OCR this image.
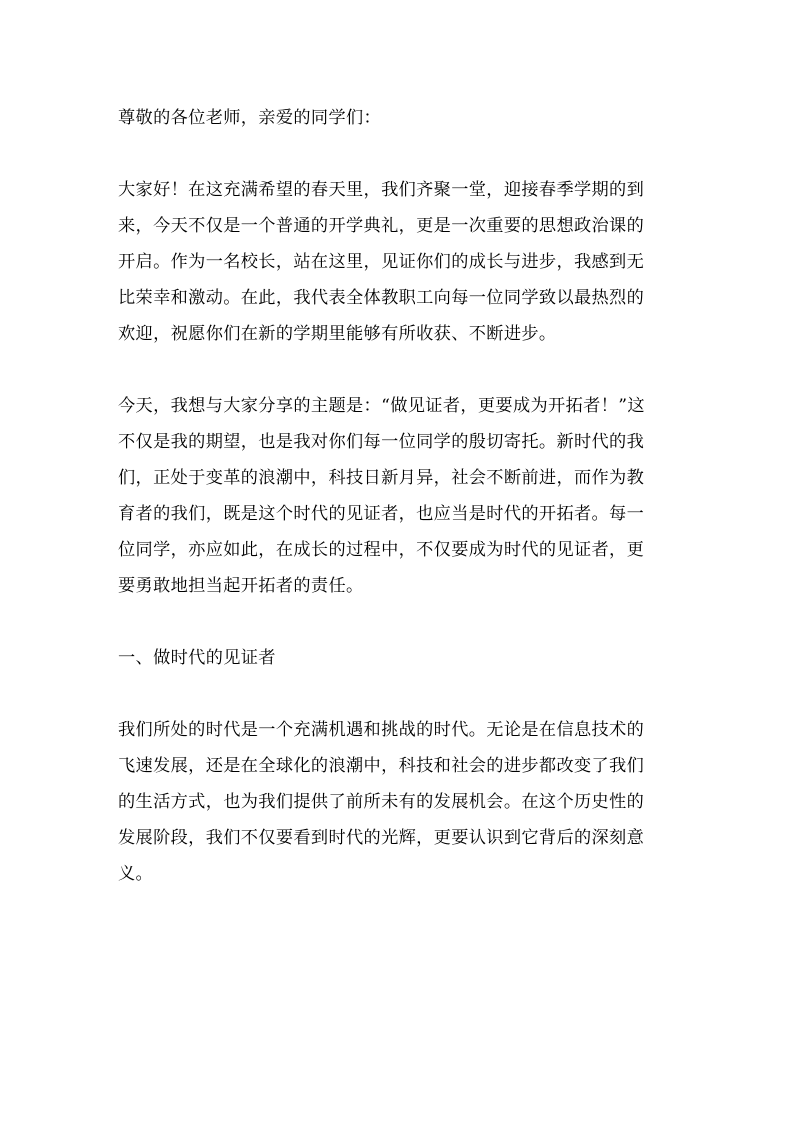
尊敬的各位老师，亲爱的同学们：
大家好！在这充满希望的春天里，我们齐聚一堂，迎接春季学期的到
来，今天不仅是一个普通的开学典礼，更是一次重要的思想政治课的
开启。作为一名校长，站在这里，见证你们的成长与进步，我感到无
比荣幸和激动。在此，我代表全体教职工向每一位同学致以最热烈的
欢迎，祝愿你们在新的学期里能够有所收获、不断进步。
今天，我想与大家分享的主题是：“做见证者，更要成为开拓者！”这
不仅是我的期望，也是我对你们每一位同学的殷切寄托。新时代的我
们，正处于变革的浪潮中，科技日新月异，社会不断前进，而作为教
育者的我们，既是这个时代的见证者，也应当是时代的开拓者。每一
位同学，亦应如此，在成长的过程中，不仅要成为时代的见证者，更
要勇敢地担当起开拓者的责任。
一、做时代的见证者
我们所处的时代是一个充满机遇和挑战的时代。无论是在信息技术的
飞速发展，还是在全球化的浪潮中，科技和社会的进步都改变了我们
的生活方式，也为我们提供了前所未有的发展机会。在这个历史性的
发展阶段，我们不仅要看到时代的光辉，更要认识到它背后的深刻意
义。
